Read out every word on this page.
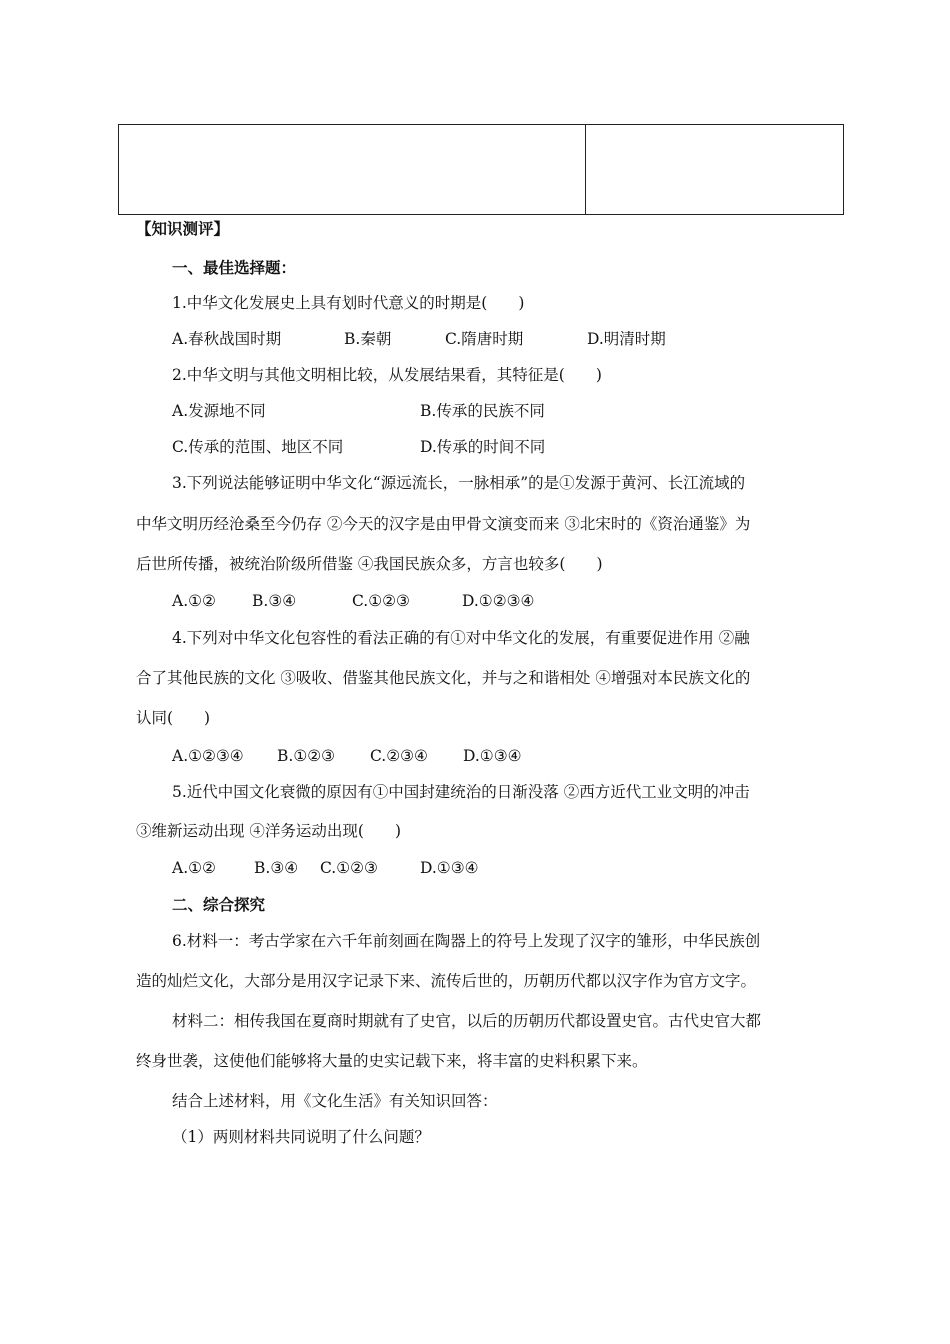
【知识测评】
一、最佳选择题：
1.中华文化发展史上具有划时代意义的时期是(　　)
A.春秋战国时期	B.秦朝	C.隋唐时期	D.明清时期
2.中华文明与其他文明相比较，从发展结果看，其特征是(　　)
A.发源地不同	B.传承的民族不同
C.传承的范围、地区不同	D.传承的时间不同
3.下列说法能够证明中华文化“源远流长，一脉相承”的是①发源于黄河、长江流域的
中华文明历经沧桑至今仍存 ②今天的汉字是由甲骨文演变而来 ③北宋时的《资治通鉴》为
后世所传播，被统治阶级所借鉴 ④我国民族众多，方言也较多(　　)
A.①② B.③④	C.①②③	D.①②③④
4.下列对中华文化包容性的看法正确的有①对中华文化的发展，有重要促进作用 ②融
合了其他民族的文化 ③吸收、借鉴其他民族文化，并与之和谐相处 ④增强对本民族文化的
认同(　　)
A.①②③④ B.①②③ C.②③④ D.①③④
5.近代中国文化衰微的原因有①中国封建统治的日渐没落 ②西方近代工业文明的冲击
③维新运动出现 ④洋务运动出现(　　)
A.①② B.③④ C.①②③	D.①③④
二、综合探究
6.材料一：考古学家在六千年前刻画在陶器上的符号上发现了汉字的雏形，中华民族创
造的灿烂文化，大部分是用汉字记录下来、流传后世的，历朝历代都以汉字作为官方文字。
材料二：相传我国在夏商时期就有了史官，以后的历朝历代都设置史官。古代史官大都
终身世袭，这使他们能够将大量的史实记载下来，将丰富的史料积累下来。
结合上述材料，用《文化生活》有关知识回答：
（1）两则材料共同说明了什么问题？
